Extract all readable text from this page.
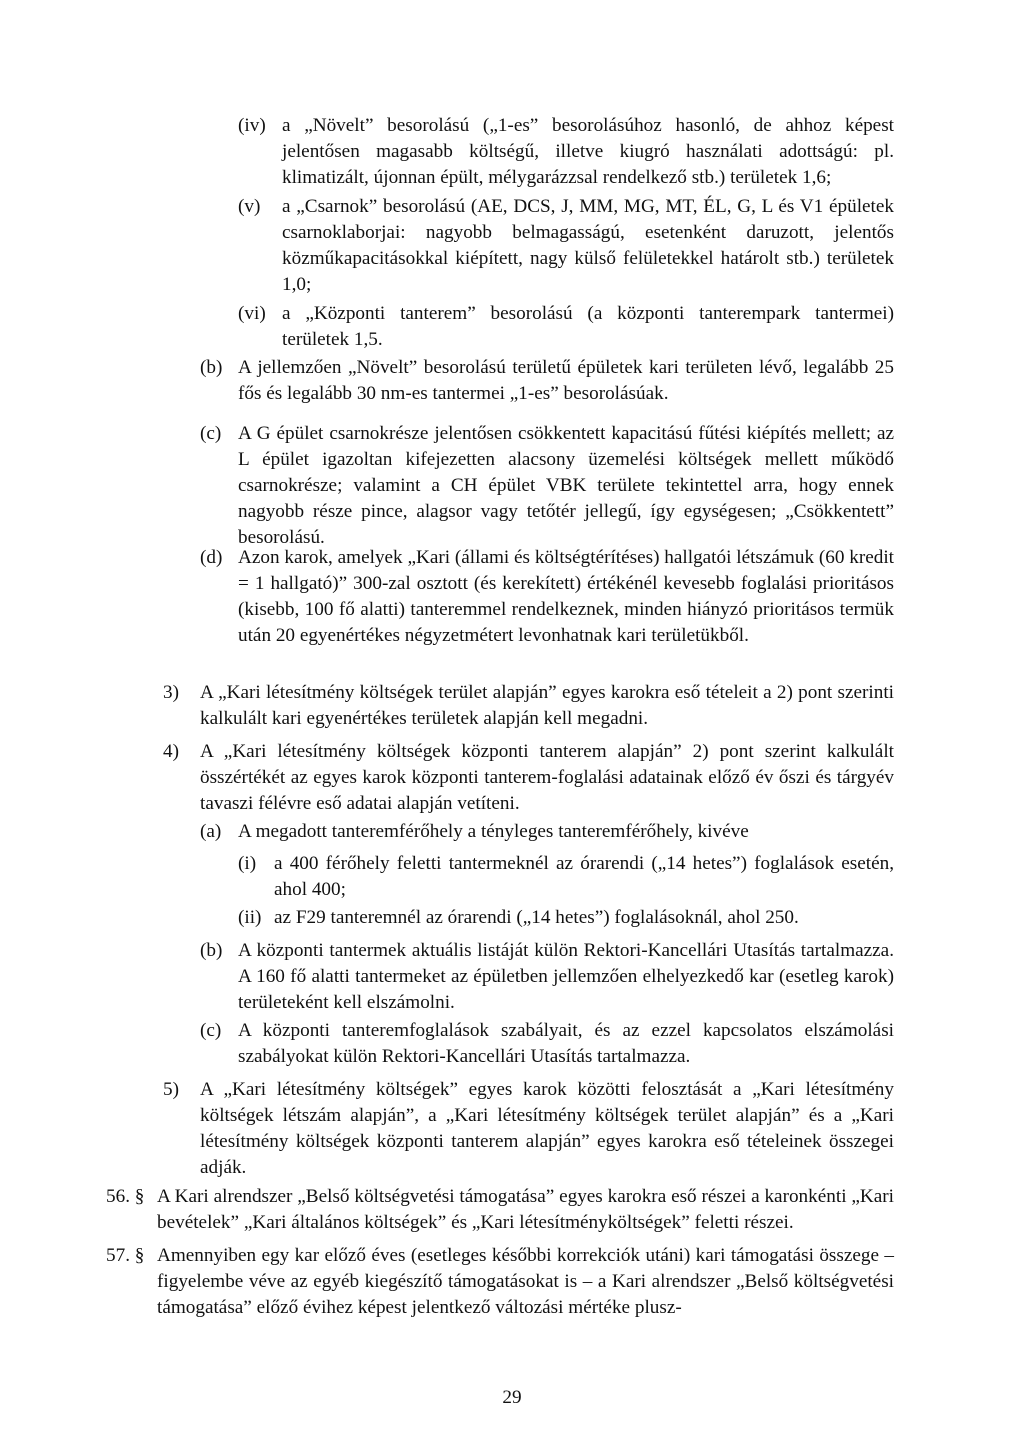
(iv) a „Növelt” besorolású („1-es” besorolásúhoz hasonló, de ahhoz képest jelentősen magasabb költségű, illetve kiugró használati adottságú: pl. klimatizált, újonnan épült, mélygarázzsal rendelkező stb.) területek 1,6;
(v) a „Csarnok” besorolású (AE, DCS, J, MM, MG, MT, ÉL, G, L és V1 épületek csarnoklaborjai: nagyobb belmagasságú, esetenként daruzott, jelentős közműkapacitásokkal kiépített, nagy külső felületekkel határolt stb.) területek 1,0;
(vi) a „Központi tanterem” besorolású (a központi tanterempark tantermei) területek 1,5.
(b) A jellemzően „Növelt” besorolású területű épületek kari területen lévő, legalább 25 fős és legalább 30 nm-es tantermei „1-es” besorolásúak.
(c) A G épület csarnokrésze jelentősen csökkentett kapacitású fűtési kiépítés mellett; az L épület igazoltan kifejezetten alacsony üzemelési költségek mellett működő csarnokrésze; valamint a CH épület VBK területe tekintettel arra, hogy ennek nagyobb része pince, alagsor vagy tetőtér jellegű, így egységesen; „Csökkentett” besorolású.
(d) Azon karok, amelyek „Kari (állami és költségtérítéses) hallgatói létszámuk (60 kredit = 1 hallgató)” 300-zal osztott (és kerekített) értékénél kevesebb foglalási prioritásos (kisebb, 100 fő alatti) tanteremmel rendelkeznek, minden hiányzó prioritásos termük után 20 egyenértékes négyzetmétert levonhatnak kari területükből.
3) A „Kari létesítmény költségek terület alapján” egyes karokra eső tételeit a 2) pont szerinti kalkulált kari egyenértékes területek alapján kell megadni.
4) A „Kari létesítmény költségek központi tanterem alapján” 2) pont szerint kalkulált összértékét az egyes karok központi tanterem-foglalási adatainak előző év őszi és tárgyév tavaszi félévre eső adatai alapján vetíteni.
(a) A megadott tanteremférőhely a tényleges tanteremférőhely, kivéve
(i) a 400 férőhely feletti tantermeknél az órarendi („14 hetes”) foglalások esetén, ahol 400;
(ii) az F29 tanteremnél az órarendi („14 hetes”) foglalásoknál, ahol 250.
(b) A központi tantermek aktuális listáját külön Rektori-Kancellári Utasítás tartalmazza. A 160 fő alatti tantermeket az épületben jellemzően elhelyezkedő kar (esetleg karok) területeként kell elszámolni.
(c) A központi tanteremfoglalások szabályait, és az ezzel kapcsolatos elszámolási szabályokat külön Rektori-Kancellári Utasítás tartalmazza.
5) A „Kari létesítmény költségek” egyes karok közötti felosztását a „Kari létesítmény költségek létszám alapján”, a „Kari létesítmény költségek terület alapján” és a „Kari létesítmény költségek központi tanterem alapján” egyes karokra eső tételeinek összegei adják.
56. § A Kari alrendszer „Belső költségvetési támogatása” egyes karokra eső részei a karonkénti „Kari bevételek” „Kari általános költségek” és „Kari létesítményköltségek” feletti részei.
57. § Amennyiben egy kar előző éves (esetleges későbbi korrekciók utáni) kari támogatási összege – figyelembe véve az egyéb kiegészítő támogatásokat is – a Kari alrendszer „Belső költségvetési támogatása” előző évihez képest jelentkező változási mértéke plusz-
29
